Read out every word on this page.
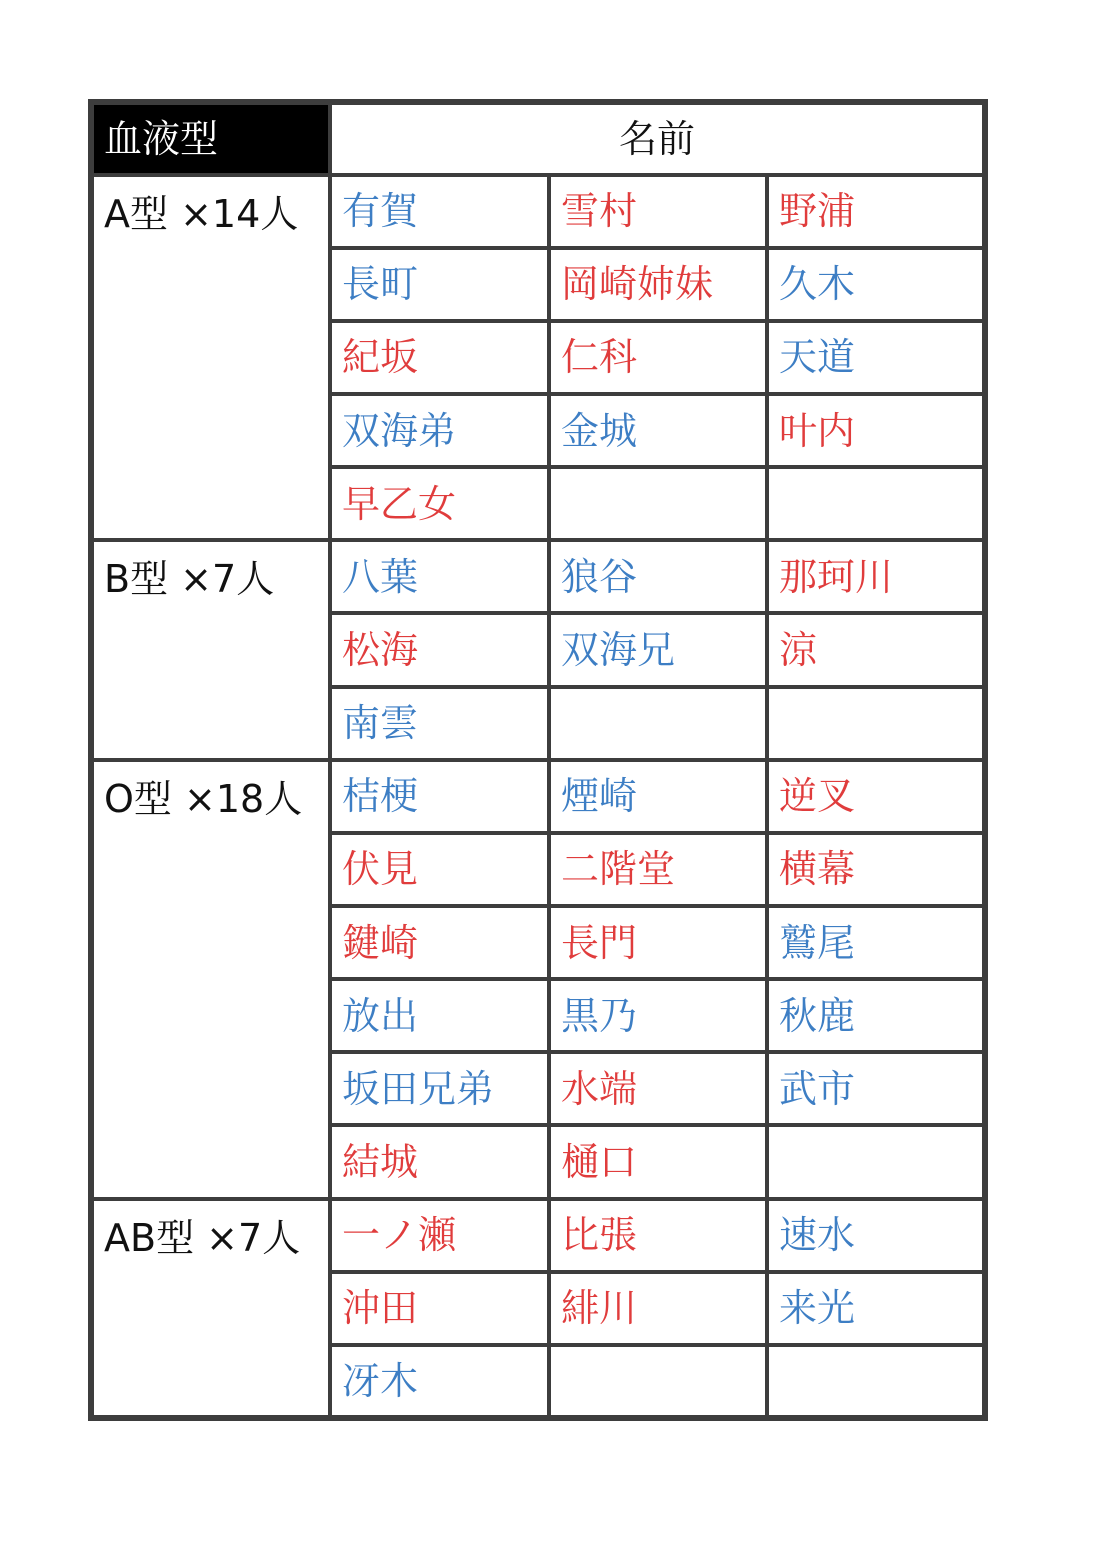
血液型	名前		
A型 ×14人	有賀	雪村	野浦
	長町	岡崎姉妹	久木
	紀坂	仁科	天道
	双海弟	金城	叶内
	早乙女		
B型 ×7人	八葉	狼谷	那珂川
	松海	双海兄	涼
	南雲		
O型 ×18人	桔梗	煙崎	逆叉
	伏見	二階堂	横幕
	鍵崎	長門	鷲尾
	放出	黒乃	秋鹿
	坂田兄弟	水端	武市
	結城	樋口	
AB型 ×7人	一ノ瀬	比張	速水
	沖田	緋川	来光
	冴木		
